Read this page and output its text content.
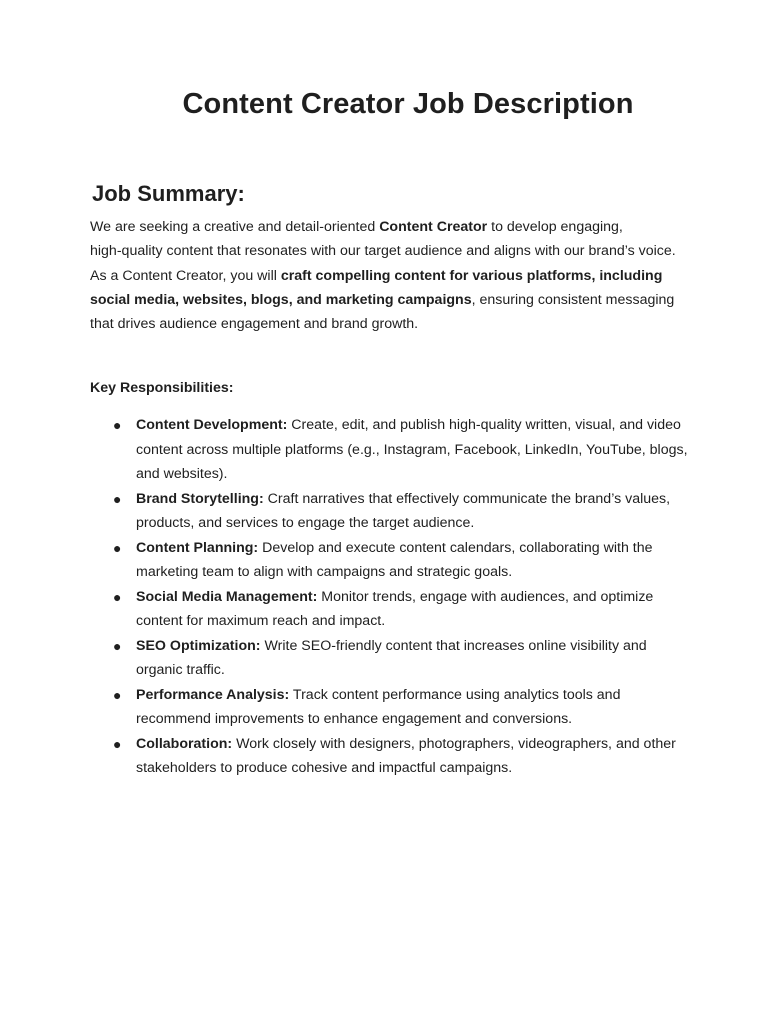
Content Creator Job Description
Job Summary:

We are seeking a creative and detail-oriented Content Creator to develop engaging,
high-quality content that resonates with our target audience and aligns with our brand’s voice.
As a Content Creator, you will craft compelling content for various platforms, including
social media, websites, blogs, and marketing campaigns, ensuring consistent messaging
that drives audience engagement and brand growth.

Key Responsibilities:

● Content Development: Create, edit, and publish high-quality written, visual, and video
content across multiple platforms (e.g., Instagram, Facebook, LinkedIn, YouTube, blogs,
and websites).
● Brand Storytelling: Craft narratives that effectively communicate the brand’s values,
products, and services to engage the target audience.
● Content Planning: Develop and execute content calendars, collaborating with the
marketing team to align with campaigns and strategic goals.
● Social Media Management: Monitor trends, engage with audiences, and optimize
content for maximum reach and impact.
● SEO Optimization: Write SEO-friendly content that increases online visibility and
organic traffic.
● Performance Analysis: Track content performance using analytics tools and
recommend improvements to enhance engagement and conversions.
● Collaboration: Work closely with designers, photographers, videographers, and other
stakeholders to produce cohesive and impactful campaigns.
